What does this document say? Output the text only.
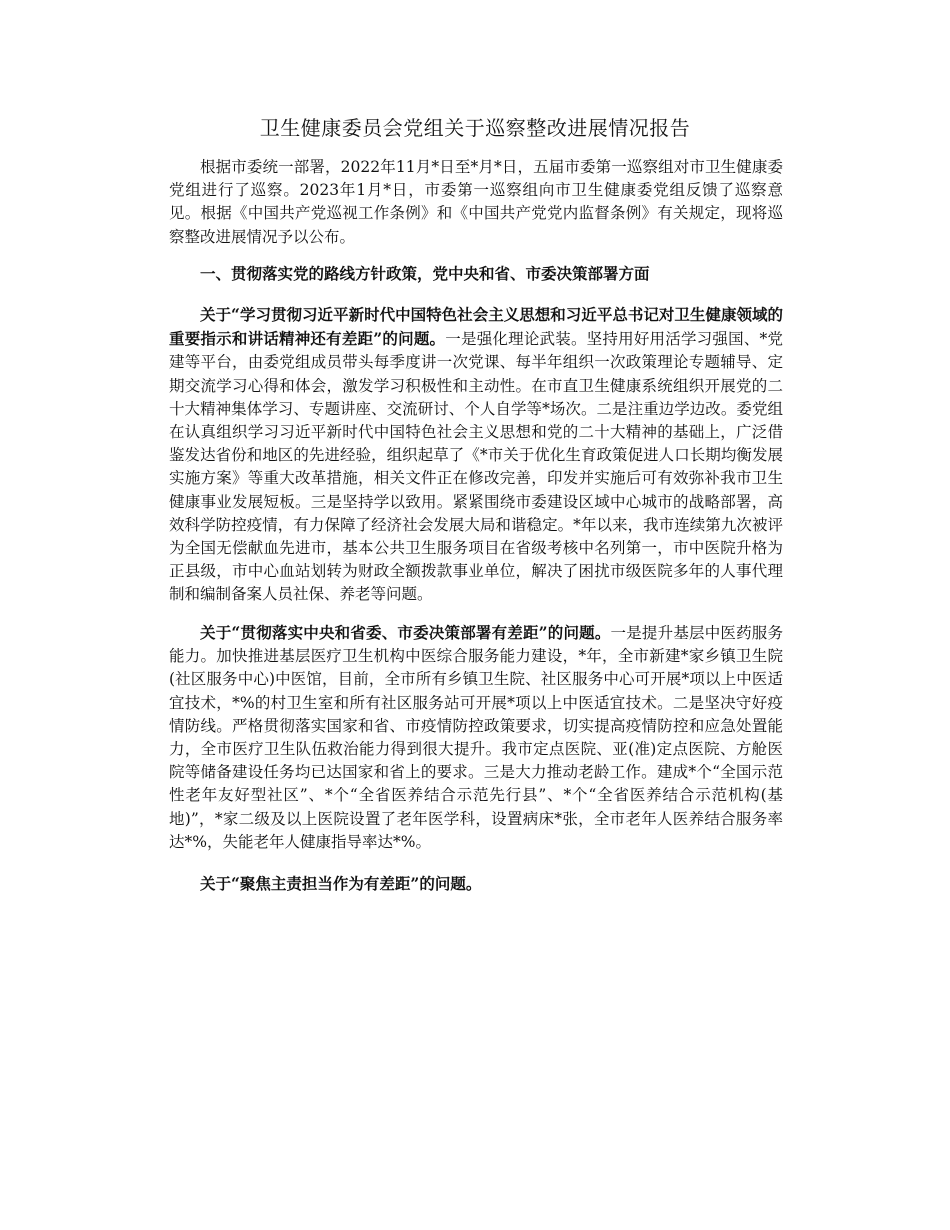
卫生健康委员会党组关于巡察整改进展情况报告

根据市委统一部署，2022年11月*日至*月*日，五届市委第一巡察组对市卫生健康委党组进行了巡察。2023年1月*日，市委第一巡察组向市卫生健康委党组反馈了巡察意见。根据《中国共产党巡视工作条例》和《中国共产党党内监督条例》有关规定，现将巡察整改进展情况予以公布。

一、贯彻落实党的路线方针政策，党中央和省、市委决策部署方面

关于“学习贯彻习近平新时代中国特色社会主义思想和习近平总书记对卫生健康领域的重要指示和讲话精神还有差距”的问题。一是强化理论武装。坚持用好用活学习强国、*党建等平台，由委党组成员带头每季度讲一次党课、每半年组织一次政策理论专题辅导、定期交流学习心得和体会，激发学习积极性和主动性。在市直卫生健康系统组织开展党的二十大精神集体学习、专题讲座、交流研讨、个人自学等*场次。二是注重边学边改。委党组在认真组织学习习近平新时代中国特色社会主义思想和党的二十大精神的基础上，广泛借鉴发达省份和地区的先进经验，组织起草了《*市关于优化生育政策促进人口长期均衡发展实施方案》等重大改革措施，相关文件正在修改完善，印发并实施后可有效弥补我市卫生健康事业发展短板。三是坚持学以致用。紧紧围绕市委建设区域中心城市的战略部署，高效科学防控疫情，有力保障了经济社会发展大局和谐稳定。*年以来，我市连续第九次被评为全国无偿献血先进市，基本公共卫生服务项目在省级考核中名列第一，市中医院升格为正县级，市中心血站划转为财政全额拨款事业单位，解决了困扰市级医院多年的人事代理制和编制备案人员社保、养老等问题。

关于“贯彻落实中央和省委、市委决策部署有差距”的问题。一是提升基层中医药服务能力。加快推进基层医疗卫生机构中医综合服务能力建设，*年，全市新建*家乡镇卫生院(社区服务中心)中医馆，目前，全市所有乡镇卫生院、社区服务中心可开展*项以上中医适宜技术，*%的村卫生室和所有社区服务站可开展*项以上中医适宜技术。二是坚决守好疫情防线。严格贯彻落实国家和省、市疫情防控政策要求，切实提高疫情防控和应急处置能力，全市医疗卫生队伍救治能力得到很大提升。我市定点医院、亚(准)定点医院、方舱医院等储备建设任务均已达国家和省上的要求。三是大力推动老龄工作。建成*个“全国示范性老年友好型社区”、*个“全省医养结合示范先行县”、*个“全省医养结合示范机构(基地)”，*家二级及以上医院设置了老年医学科，设置病床*张，全市老年人医养结合服务率达*%，失能老年人健康指导率达*%。

关于“聚焦主责担当作为有差距”的问题。
